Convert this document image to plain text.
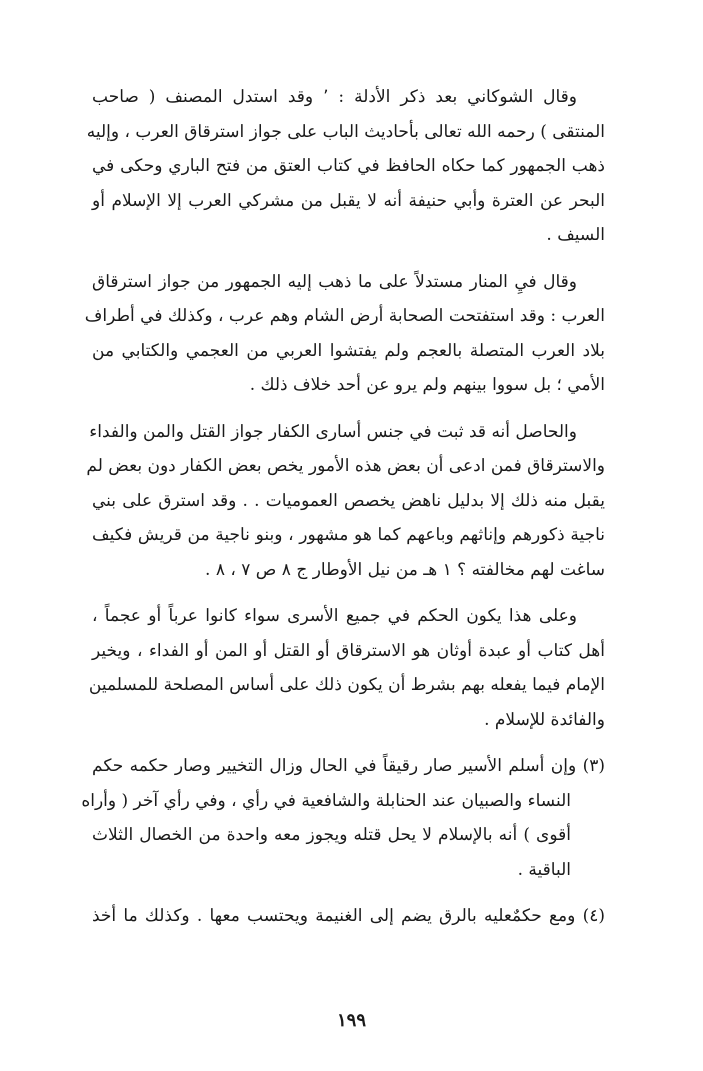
وقال الشوكاني بعد ذكر الأدلة : ٬ وقد استدل المصنف ( صاحب
المنتقى ) رحمه الله تعالى بأحاديث الباب على جواز استرقاق العرب ، وإليه
ذهب الجمهور كما حكاه الحافظ في كتاب العتق من فتح الباري وحكى في
البحر عن العترة وأبي حنيفة أنه لا يقبل من مشركي العرب إلا الإسلام أو
السيف .

وقال فيِ المنار مستدلاً على ما ذهب إليه الجمهور من جواز استرقاق
العرب : وقد استفتحت الصحابة أرض الشام وهم عرب ، وكذلك في أطراف
بلاد العرب المتصلة بالعجم ولم يفتشوا العربي من العجمي والكتابي من
الأمي ؛ بل سووا بينهم ولم يرو عن أحد خلاف ذلك .

والحاصل أنه قد ثبت في جنس أسارى الكفار جواز القتل والمن والفداء
والاسترقاق فمن ادعى أن بعض هذه الأمور يخص بعض الكفار دون بعض لم
يقبل منه ذلك إلا بدليل ناهض يخصص العموميات . . وقد استرق على بني
ناجية ذكورهم وإناثهم وباعهم كما هو مشهور ، وبنو ناجية من قريش فكيف
ساغت لهم مخالفته ؟ ١ هـ من نيل الأوطار ج ٨ ص ٧ ، ٨ .

وعلى هذا يكون الحكم في جميع الأسرى سواء كانوا عرباً أو عجماً ،
أهل كتاب أو عبدة أوثان هو الاسترقاق أو القتل أو المن أو الفداء ، ويخير
الإمام فيما يفعله بهم بشرط أن يكون ذلك على أساس المصلحة للمسلمين
والفائدة للإسلام .

(٣) وإن أسلم الأسير صار رقيقاً في الحال وزال التخيير وصار حكمه حكم
النساء والصبيان عند الحنابلة والشافعية في رأي ، وفي رأي آخر ( وأراه
أقوى ) أنه بالإسلام لا يحل قتله ويجوز معه واحدة من الخصال الثلاث
الباقية .

(٤) ومع حكمٌعليه بالرق يضم إلى الغنيمة ويحتسب معها . وكذلك ما أخذ

١٩٩
